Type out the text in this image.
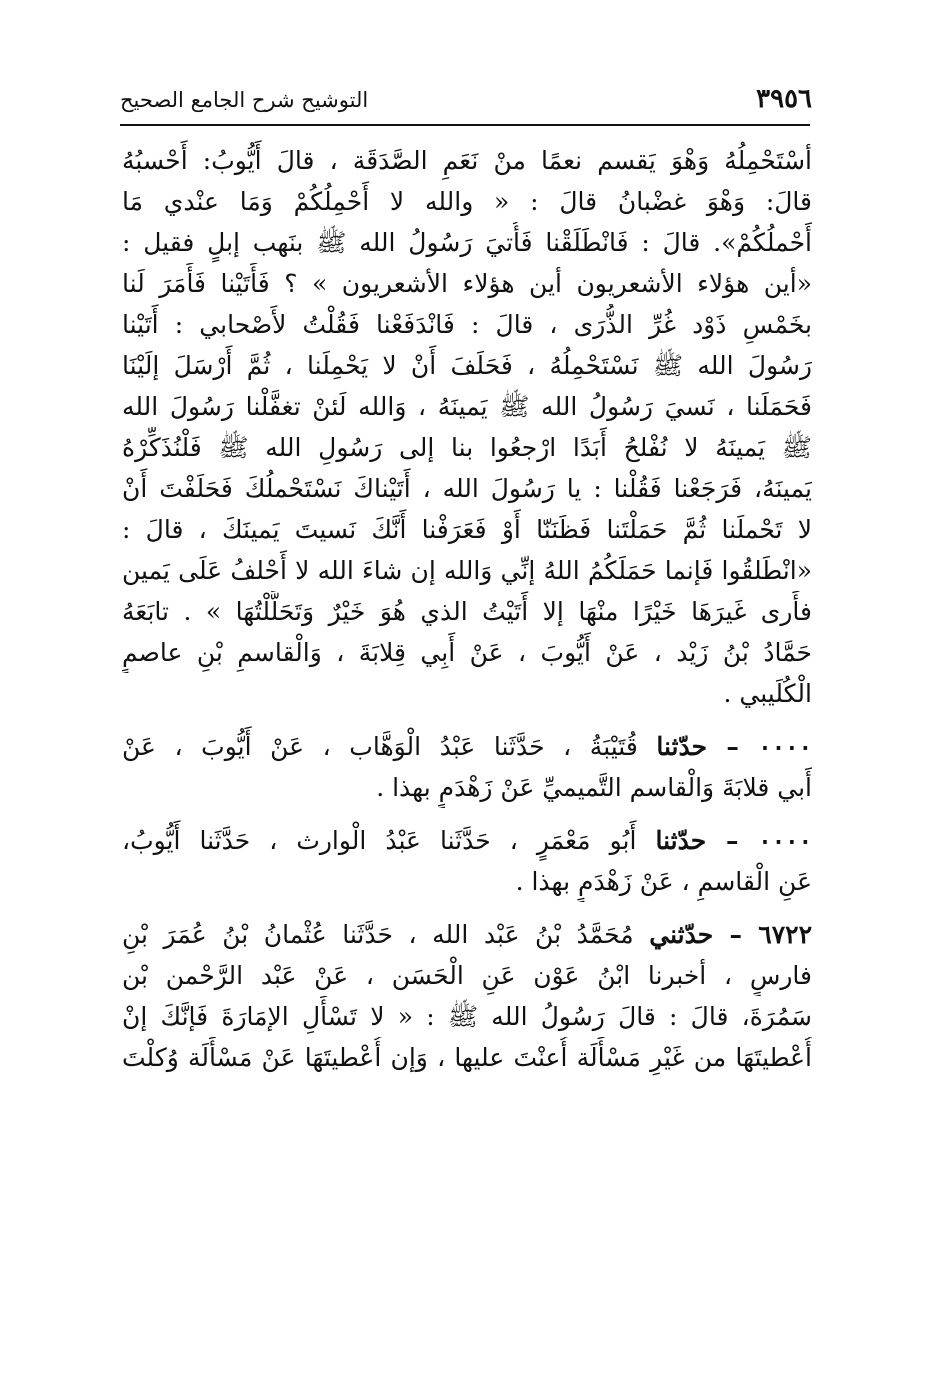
٣٩٥٦
التوشيح شرح الجامع الصحيح
أسْتَحْمِلُهُ وَهْوَ يَقسم نعمًا منْ نَعَمِ الصَّدَقَة ، قالَ أَيُّوبُ: أَحْسبُهُ
قالَ: وَهْوَ غضْبانُ قالَ : « والله لا أَحْمِلُكُمْ وَمَا عنْدي مَا
أَحْملُكُمْ». قالَ : فَانْطَلَقْنا فَأُتيَ رَسُولُ الله ﷺ بنَهب إبلٍ فقيل :
«أين هؤلاء الأشعريون أين هؤلاء الأشعريون » ؟ فَأَتَيْنا فَأَمَرَ لَنا
بخَمْسِ ذَوْد غُرِّ الذُّرَى ، قالَ : فَانْدَفَعْنا فَقُلْتُ لأَصْحابي : أَتَيْنا
رَسُولَ الله ﷺ نَسْتَحْمِلُهُ ، فَحَلَفَ أَنْ لا يَحْمِلَنا ، ثُمَّ أَرْسَلَ إلَيْنَا
فَحَمَلَنا ، نَسيَ رَسُولُ الله ﷺ يَمينَهُ ، وَالله لَئنْ تغفَّلْنا رَسُولَ الله
ﷺ يَمينَهُ لا نُفْلحُ أَبَدًا ارْجعُوا بنا إلى رَسُولِ الله ﷺ فَلْنُذَكِّرْهُ
يَمينَهُ، فَرَجَعْنا فَقُلْنا : يا رَسُولَ الله ، أَتَيْناكَ نَسْتَحْملُكَ فَحَلَفْتَ أَنْ
لا تَحْملَنا ثُمَّ حَمَلْتَنا فَظَنَنّا أَوْ فَعَرَفْنا أَنَّكَ نَسيتَ يَمينَكَ ، قالَ :
«انْطَلقُوا فَإنما حَمَلَكُمُ اللهُ إنِّي وَالله إن شاءَ الله لا أَحْلفُ عَلَى يَمين
فأَرى غَيرَهَا خَيْرًا منْهَا إلا أَتَيْتُ الذي هُوَ خَيْرٌ وَتَحَلَّلْتُهَا » . تابَعَهُ
حَمَّادُ بْنُ زَيْد ، عَنْ أَيُّوبَ ، عَنْ أَبِي قِلابَةَ ، وَالْقاسمِ بْنِ عاصمٍ
الْكُلَيبي .
٠٠٠٠ – حدّثنا قُتَيْبَةُ ، حَدَّثَنا عَبْدُ الْوَهَّاب ، عَنْ أَيُّوبَ ، عَنْ
أَبي قلابَةَ وَالْقاسم التَّميميِّ عَنْ زَهْدَمٍ بهذا .
٠٠٠٠ – حدّثنا أَبُو مَعْمَرٍ ، حَدَّثَنا عَبْدُ الْوارث ، حَدَّثَنا أَيُّوبُ،
عَنِ الْقاسمِ ، عَنْ زَهْدَمٍ بهذا .
٦٧٢٢ – حدّثني مُحَمَّدُ بْنُ عَبْد الله ، حَدَّثَنا عُثْمانُ بْنُ عُمَرَ بْنِ
فارسٍ ، أخبرنا ابْنُ عَوْن عَنِ الْحَسَن ، عَنْ عَبْد الرَّحْمن بْن
سَمُرَةَ، قالَ : قالَ رَسُولُ الله ﷺ : « لا تَسْأَلِ الإمَارَةَ فَإنَّكَ إنْ
أُعْطيتَهَا من غَيْرِ مَسْأَلَة أُعنْتَ عليها ، وَإن أُعْطيتَهَا عَنْ مَسْأَلَة وُكلْتَ
